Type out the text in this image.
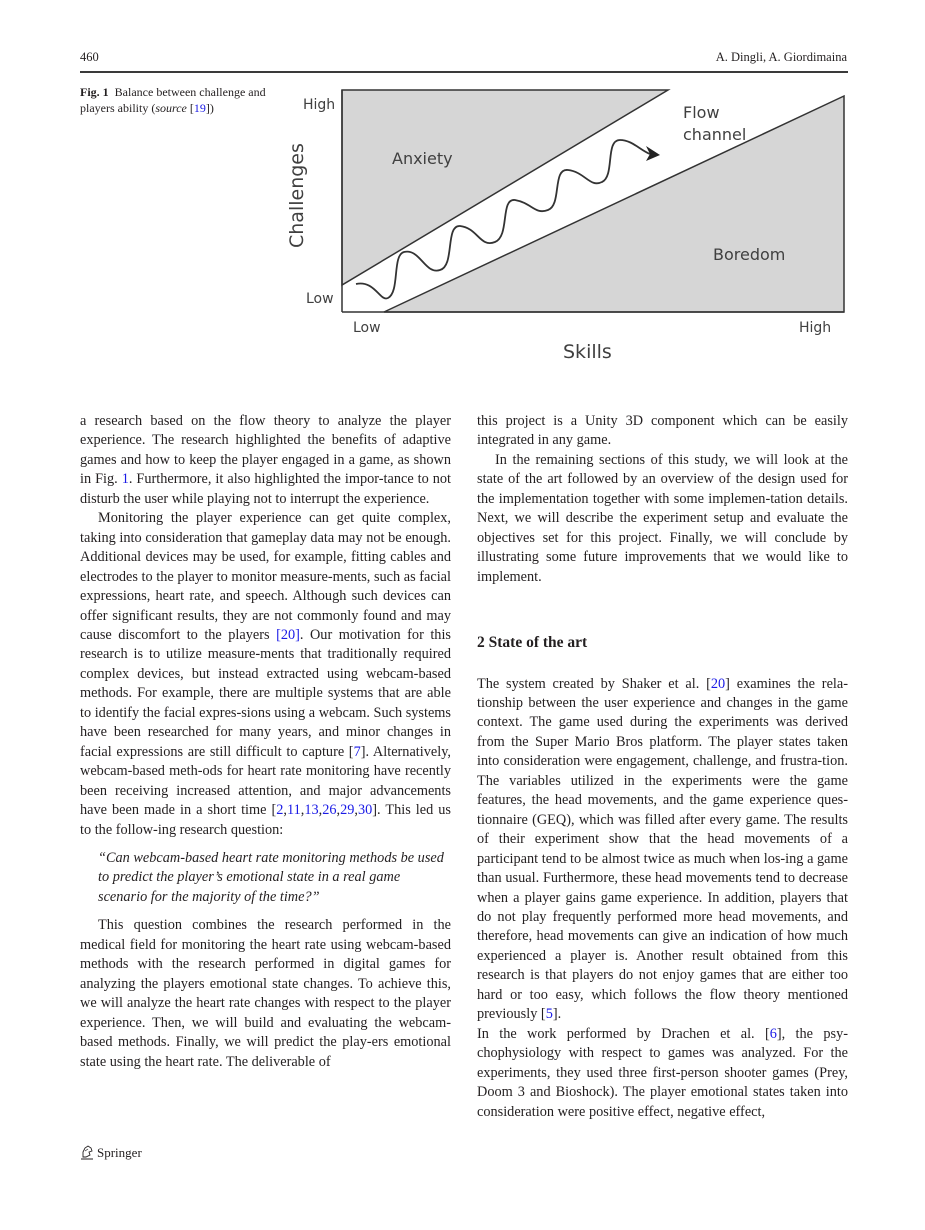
460	A. Dingli, A. Giordimaina
Fig. 1 Balance between challenge and players ability (source [19])	High
Low
Low	High
Skills
Challenges	Anxiety
Flow
channel
Boredom

a research based on the flow theory to analyze the player experience. The research highlighted the benefits of adaptive games and how to keep the player engaged in a game, as shown in Fig. 1. Furthermore, it also highlighted the impor-tance to not disturb the user while playing not to interrupt the experience.

Monitoring the player experience can get quite complex, taking into consideration that gameplay data may not be enough. Additional devices may be used, for example, fitting cables and electrodes to the player to monitor measure-ments, such as facial expressions, heart rate, and speech. Although such devices can offer significant results, they are not commonly found and may cause discomfort to the players [20]. Our motivation for this research is to utilize measure-ments that traditionally required complex devices, but instead extracted using webcam-based methods. For example, there are multiple systems that are able to identify the facial expres-sions using a webcam. Such systems have been researched for many years, and minor changes in facial expressions are still difficult to capture [7]. Alternatively, webcam-based meth-ods for heart rate monitoring have recently been receiving increased attention, and major advancements have been made in a short time [2,11,13,26,29,30]. This led us to the follow-ing research question:

“Can webcam-based heart rate monitoring methods be used to predict the player’s emotional state in a real game scenario for the majority of the time?”

This question combines the research performed in the medical field for monitoring the heart rate using webcam-based methods with the research performed in digital games for analyzing the players emotional state changes. To achieve this, we will analyze the heart rate changes with respect to the player experience. Then, we will build and evaluating the webcam-based methods. Finally, we will predict the play-ers emotional state using the heart rate. The deliverable of

this project is a Unity 3D component which can be easily integrated in any game.

In the remaining sections of this study, we will look at the state of the art followed by an overview of the design used for the implementation together with some implemen-tation details. Next, we will describe the experiment setup and evaluate the objectives set for this project. Finally, we will conclude by illustrating some future improvements that we would like to implement.

2 State of the art

The system created by Shaker et al. [20] examines the rela-tionship between the user experience and changes in the game context. The game used during the experiments was derived from the Super Mario Bros platform. The player states taken into consideration were engagement, challenge, and frustra-tion. The variables utilized in the experiments were the game features, the head movements, and the game experience ques-tionnaire (GEQ), which was filled after every game. The results of their experiment show that the head movements of a participant tend to be almost twice as much when los-ing a game than usual. Furthermore, these head movements tend to decrease when a player gains game experience. In addition, players that do not play frequently performed more head movements, and therefore, head movements can give an indication of how much experienced a player is. Another result obtained from this research is that players do not enjoy games that are either too hard or too easy, which follows the flow theory mentioned previously [5].

In the work performed by Drachen et al. [6], the psy-chophysiology with respect to games was analyzed. For the experiments, they used three first-person shooter games (Prey, Doom 3 and Bioshock). The player emotional states taken into consideration were positive effect, negative effect,

Springer
